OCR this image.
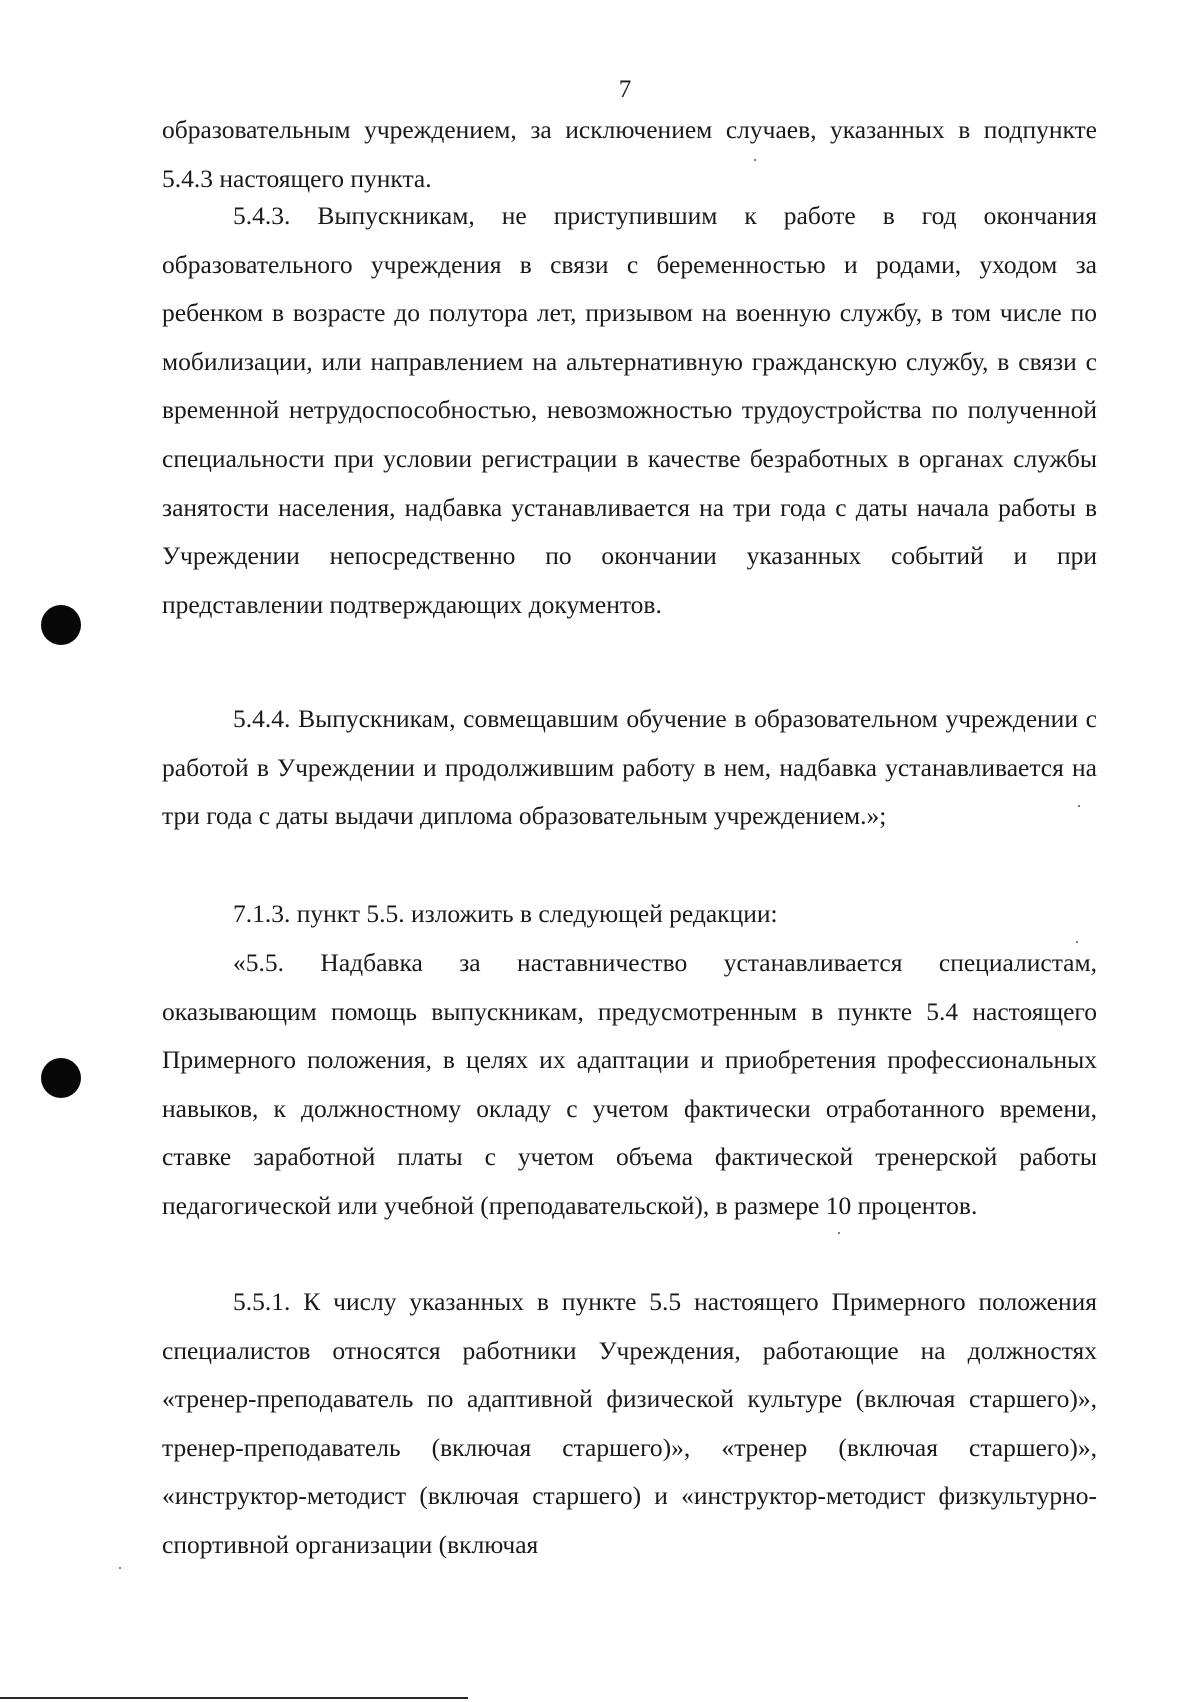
7

образовательным учреждением, за исключением случаев, указанных в подпункте 5.4.3 настоящего пункта.

5.4.3. Выпускникам, не приступившим к работе в год окончания образовательного учреждения в связи с беременностью и родами, уходом за ребенком в возрасте до полутора лет, призывом на военную службу, в том числе по мобилизации, или направлением на альтернативную гражданскую службу, в связи с временной нетрудоспособностью, невозможностью трудоустройства по полученной специальности при условии регистрации в качестве безработных в органах службы занятости населения, надбавка устанавливается на три года с даты начала работы в Учреждении непосредственно по окончании указанных событий и при представлении подтверждающих документов.

5.4.4. Выпускникам, совмещавшим обучение в образовательном учреждении с работой в Учреждении и продолжившим работу в нем, надбавка устанавливается на три года с даты выдачи диплома образовательным учреждением.»;

7.1.3. пункт 5.5. изложить в следующей редакции:

«5.5. Надбавка за наставничество устанавливается специалистам, оказывающим помощь выпускникам, предусмотренным в пункте 5.4 настоящего Примерного положения, в целях их адаптации и приобретения профессиональных навыков, к должностному окладу с учетом фактически отработанного времени, ставке заработной платы с учетом объема фактической тренерской работы педагогической или учебной (преподавательской), в размере 10 процентов.

5.5.1. К числу указанных в пункте 5.5 настоящего Примерного положения специалистов относятся работники Учреждения, работающие на должностях «тренер-преподаватель по адаптивной физической культуре (включая старшего)», тренер-преподаватель (включая старшего)», «тренер (включая старшего)», «инструктор-методист (включая старшего) и «инструктор-методист физкультурно-спортивной организации (включая
